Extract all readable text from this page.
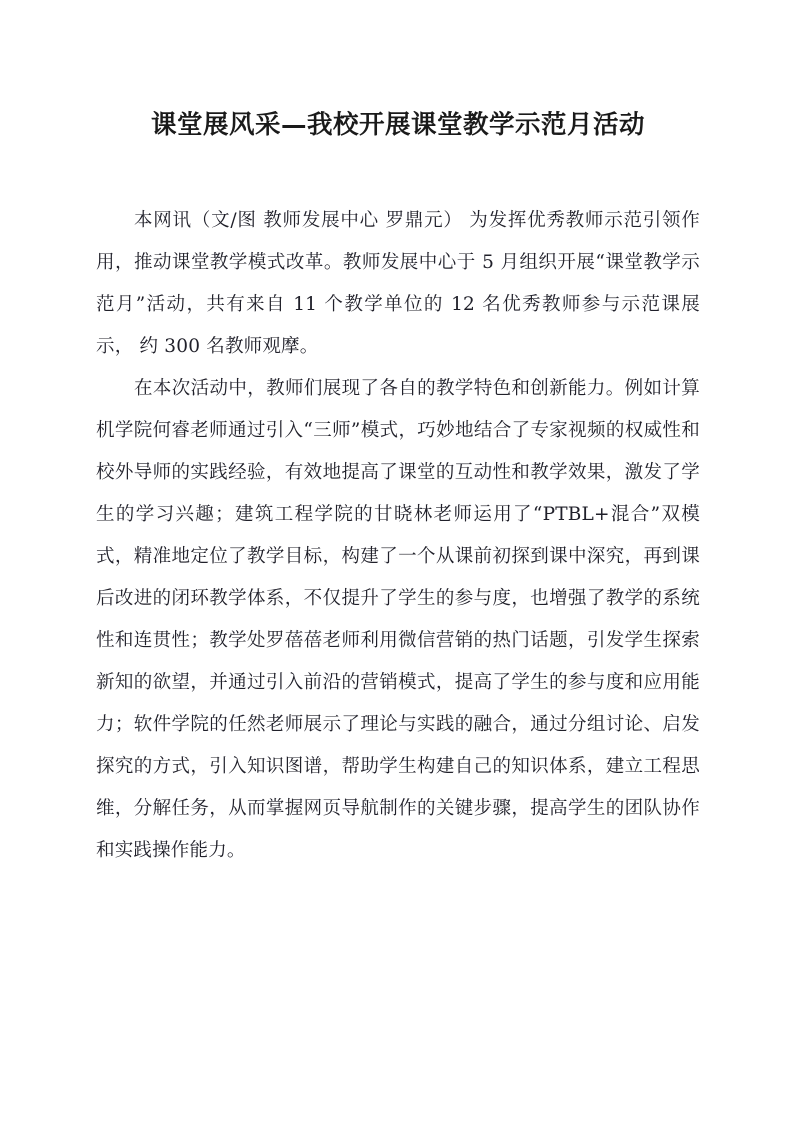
课堂展风采—我校开展课堂教学示范月活动

本网讯（文/图 教师发展中心 罗鼎元） 为发挥优秀教师示范引领作用，推动课堂教学模式改革。教师发展中心于 5 月组织开展“课堂教学示范月”活动，共有来自 11 个教学单位的 12 名优秀教师参与示范课展示， 约 300 名教师观摩。

在本次活动中，教师们展现了各自的教学特色和创新能力。例如计算机学院何睿老师通过引入“三师”模式，巧妙地结合了专家视频的权威性和校外导师的实践经验，有效地提高了课堂的互动性和教学效果，激发了学生的学习兴趣；建筑工程学院的甘晓林老师运用了“PTBL+混合”双模式，精准地定位了教学目标，构建了一个从课前初探到课中深究，再到课后改进的闭环教学体系，不仅提升了学生的参与度，也增强了教学的系统性和连贯性；教学处罗蓓蓓老师利用微信营销的热门话题，引发学生探索新知的欲望，并通过引入前沿的营销模式，提高了学生的参与度和应用能力；软件学院的任然老师展示了理论与实践的融合，通过分组讨论、启发探究的方式，引入知识图谱，帮助学生构建自己的知识体系，建立工程思维，分解任务，从而掌握网页导航制作的关键步骤，提高学生的团队协作和实践操作能力。
